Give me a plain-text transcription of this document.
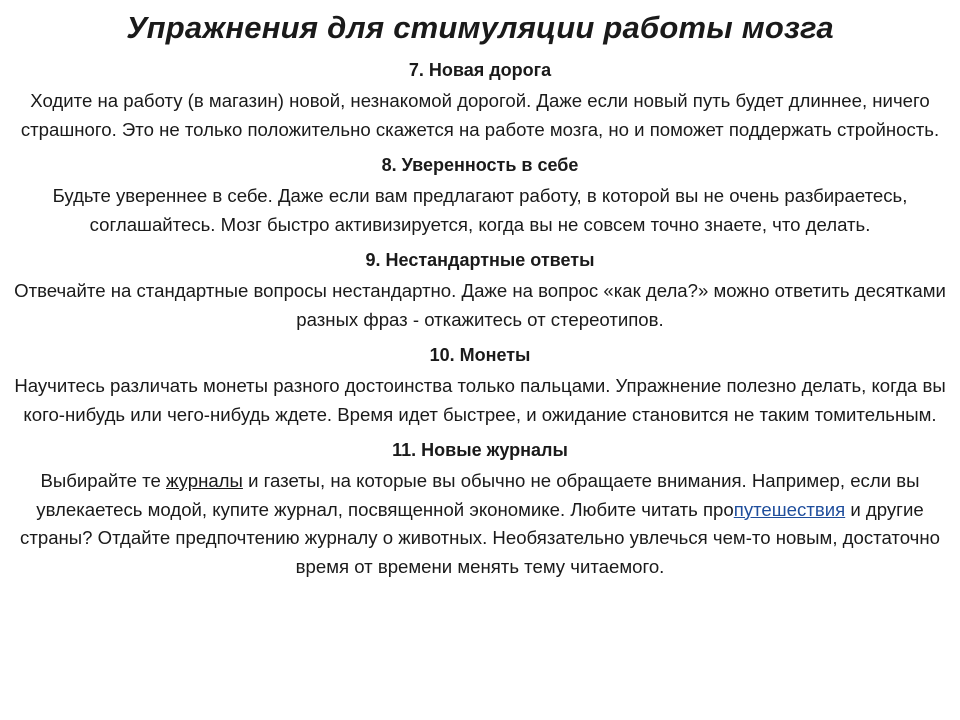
Упражнения для стимуляции работы мозга
7. Новая дорога

Ходите на работу (в магазин) новой, незнакомой дорогой. Даже если новый путь будет длиннее, ничего страшного. Это не только положительно скажется на работе мозга, но и поможет поддержать стройность.

8. Уверенность в себе

Будьте увереннее в себе. Даже если вам предлагают работу, в которой вы не очень разбираетесь, соглашайтесь. Мозг быстро активизируется, когда вы не совсем точно знаете, что делать.

9. Нестандартные ответы

Отвечайте на стандартные вопросы нестандартно. Даже на вопрос «как дела?» можно ответить десятками разных фраз - откажитесь от стереотипов.

10. Монеты

Научитесь различать монеты разного достоинства только пальцами. Упражнение полезно делать, когда вы кого-нибудь или чего-нибудь ждете. Время идет быстрее, и ожидание становится не таким томительным.

11. Новые журналы

Выбирайте те журналы и газеты, на которые вы обычно не обращаете внимания. Например, если вы увлекаетесь модой, купите журнал, посвященной экономике. Любите читать пропутешествия и другие страны? Отдайте предпочтению журналу о животных. Необязательно увлечься чем-то новым, достаточно время от времени менять тему читаемого.
